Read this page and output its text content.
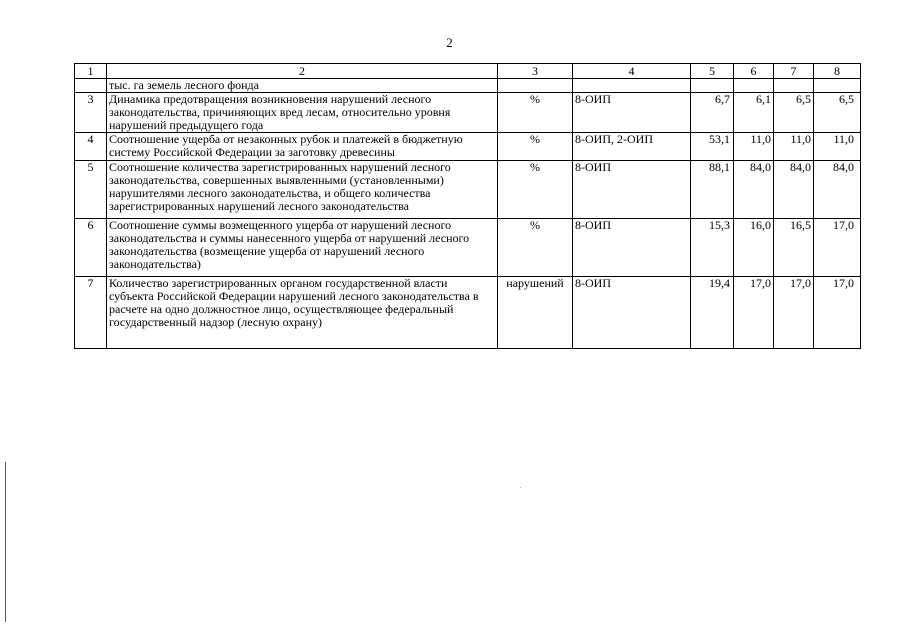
2
1	2	3	4	5	6	7	8
	тыс. га земель лесного фонда						
3	Динамика предотвращения возникновения нарушений лесного законодательства, причиняющих вред лесам, относительно уровня нарушений предыдущего года	%	8-ОИП	6,7	6,1	6,5	6,5
4	Соотношение ущерба от незаконных рубок и платежей в бюджетную систему Российской Федерации за заготовку древесины	%	8-ОИП, 2-ОИП	53,1	11,0	11,0	11,0
5	Соотношение количества зарегистрированных нарушений лесного законодательства, совершенных выявленными (установленными) нарушителями лесного законодательства, и общего количества зарегистрированных нарушений лесного законодательства	%	8-ОИП	88,1	84,0	84,0	84,0
6	Соотношение суммы возмещенного ущерба от нарушений лесного законодательства и суммы нанесенного ущерба от нарушений лесного законодательства (возмещение ущерба от нарушений лесного законодательства)	%	8-ОИП	15,3	16,0	16,5	17,0
7	Количество зарегистрированных органом государственной власти субъекта Российской Федерации нарушений лесного законодательства в расчете на одно должностное лицо, осуществляющее федеральный государственный надзор (лесную охрану)	нарушений	8-ОИП	19,4	17,0	17,0	17,0
